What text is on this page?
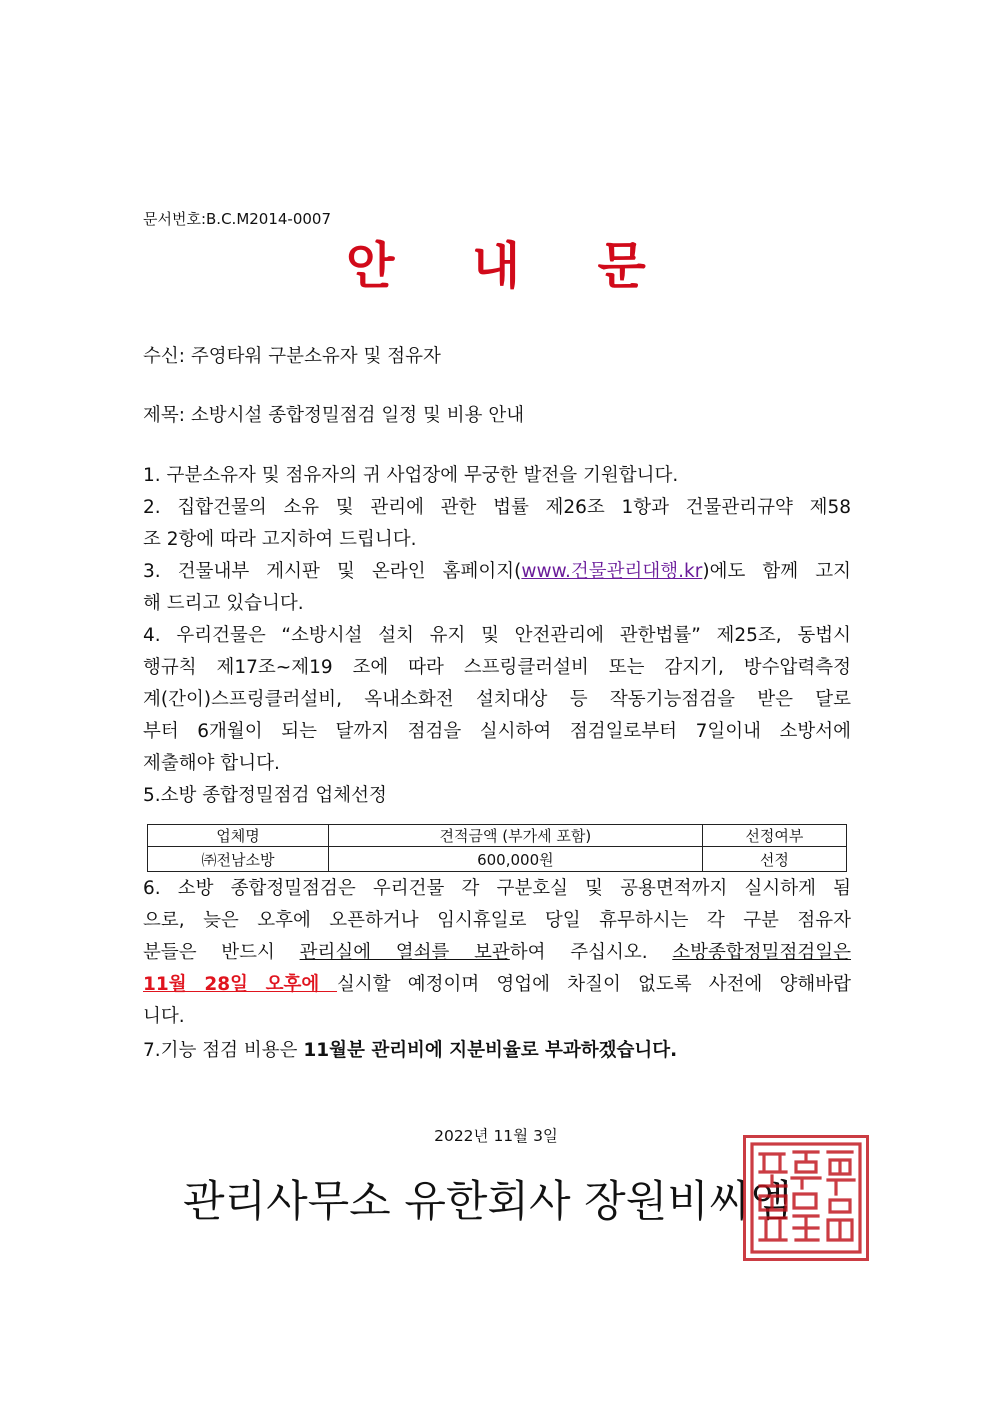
문서번호:B.C.M2014-0007
안 내 문
수신: 주영타워 구분소유자 및 점유자
제목: 소방시설 종합정밀점검 일정 및 비용 안내
1. 구분소유자 및 점유자의 귀 사업장에 무궁한 발전을 기원합니다.
2. 집합건물의 소유 및 관리에 관한 법률 제26조 1항과 건물관리규약 제58
조 2항에 따라 고지하여 드립니다.
3. 건물내부 게시판 및 온라인 홈페이지(www.건물관리대행.kr)에도 함께 고지
해 드리고 있습니다.
4. 우리건물은 “소방시설 설치 유지 및 안전관리에 관한법률” 제25조, 동법시
행규칙 제17조~제19 조에 따라 스프링클러설비 또는 감지기, 방수압력측정
계(간이)스프링클러설비, 옥내소화전 설치대상 등 작동기능점검을 받은 달로
부터 6개월이 되는 달까지 점검을 실시하여 점검일로부터 7일이내 소방서에
제출해야 합니다.
5.소방 종합정밀점검 업체선정
업체명	견적금액 (부가세 포함)	선정여부
㈜전남소방	600,000원	선정
6. 소방 종합정밀점검은 우리건물 각 구분호실 및 공용면적까지 실시하게 됨
으로, 늦은 오후에 오픈하거나 임시휴일로 당일 휴무하시는 각 구분 점유자
분들은 반드시 관리실에 열쇠를 보관하여 주십시오. 소방종합정밀점검일은
11월 28일 오후에 실시할 예정이며 영업에 차질이 없도록 사전에 양해바랍
니다.
7.기능 점검 비용은 11월분 관리비에 지분비율로 부과하겠습니다.
2022년 11월 3일
관리사무소 유한회사 장원비씨엠
